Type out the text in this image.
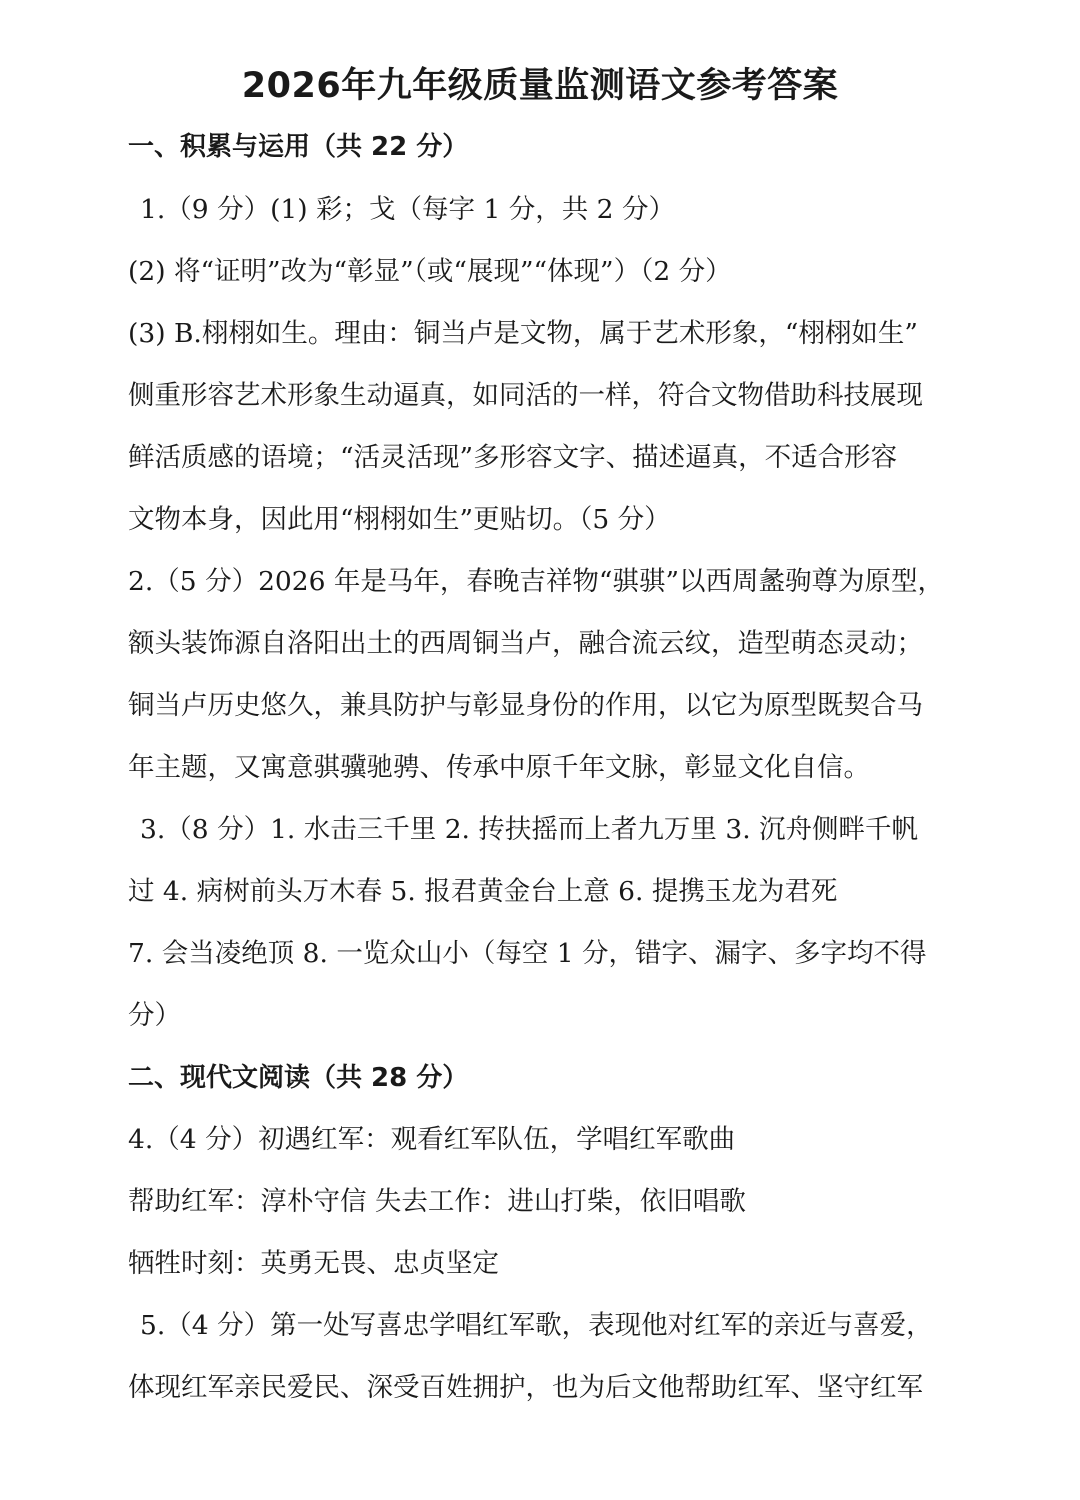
2026年九年级质量监测语文参考答案

一、积累与运用（共 22 分）

1.（9 分）(1) 彩；戈（每字 1 分，共 2 分）

(2) 将“证明”改为“彰显”（或“展现”“体现”）（2 分）

(3) B.栩栩如生。理由：铜当卢是文物，属于艺术形象，“栩栩如生”

侧重形容艺术形象生动逼真，如同活的一样，符合文物借助科技展现

鲜活质感的语境；“活灵活现”多形容文字、描述逼真，不适合形容

文物本身，因此用“栩栩如生”更贴切。（5 分）

2.（5 分）2026 年是马年，春晚吉祥物“骐骐”以西周盠驹尊为原型，

额头装饰源自洛阳出土的西周铜当卢，融合流云纹，造型萌态灵动；

铜当卢历史悠久，兼具防护与彰显身份的作用，以它为原型既契合马

年主题，又寓意骐骥驰骋、传承中原千年文脉，彰显文化自信。

3.（8 分）1. 水击三千里 2. 抟扶摇而上者九万里 3. 沉舟侧畔千帆

过 4. 病树前头万木春 5. 报君黄金台上意 6. 提携玉龙为君死

7. 会当凌绝顶 8. 一览众山小（每空 1 分，错字、漏字、多字均不得

分）

二、现代文阅读（共 28 分）

4.（4 分）初遇红军：观看红军队伍，学唱红军歌曲

帮助红军：淳朴守信 失去工作：进山打柴，依旧唱歌

牺牲时刻：英勇无畏、忠贞坚定

5.（4 分）第一处写喜忠学唱红军歌，表现他对红军的亲近与喜爱，

体现红军亲民爱民、深受百姓拥护，也为后文他帮助红军、坚守红军
